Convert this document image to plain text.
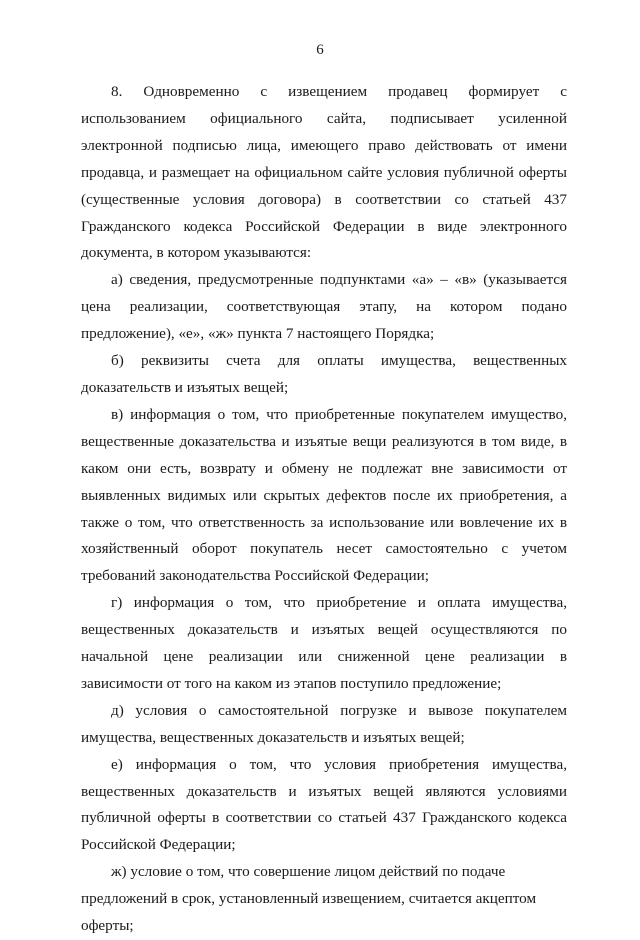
6

8. Одновременно с извещением продавец формирует с использованием официального сайта, подписывает усиленной электронной подписью лица, имеющего право действовать от имени продавца, и размещает на официальном сайте условия публичной оферты (существенные условия договора) в соответствии со статьей 437 Гражданского кодекса Российской Федерации в виде электронного документа, в котором указываются:

а) сведения, предусмотренные подпунктами «а» – «в» (указывается цена реализации, соответствующая этапу, на котором подано предложение), «е», «ж» пункта 7 настоящего Порядка;

б) реквизиты счета для оплаты имущества, вещественных доказательств и изъятых вещей;

в) информация о том, что приобретенные покупателем имущество, вещественные доказательства и изъятые вещи реализуются в том виде, в каком они есть, возврату и обмену не подлежат вне зависимости от выявленных видимых или скрытых дефектов после их приобретения, а также о том, что ответственность за использование или вовлечение их в хозяйственный оборот покупатель несет самостоятельно с учетом требований законодательства Российской Федерации;

г) информация о том, что приобретение и оплата имущества, вещественных доказательств и изъятых вещей осуществляются по начальной цене реализации или сниженной цене реализации в зависимости от того на каком из этапов поступило предложение;

д) условия о самостоятельной погрузке и вывозе покупателем имущества, вещественных доказательств и изъятых вещей;

е) информация о том, что условия приобретения имущества, вещественных доказательств и изъятых вещей являются условиями публичной оферты в соответствии со статьей 437 Гражданского кодекса Российской Федерации;

ж) условие о том, что совершение лицом действий по подаче предложений в срок, установленный извещением, считается акцептом оферты;
